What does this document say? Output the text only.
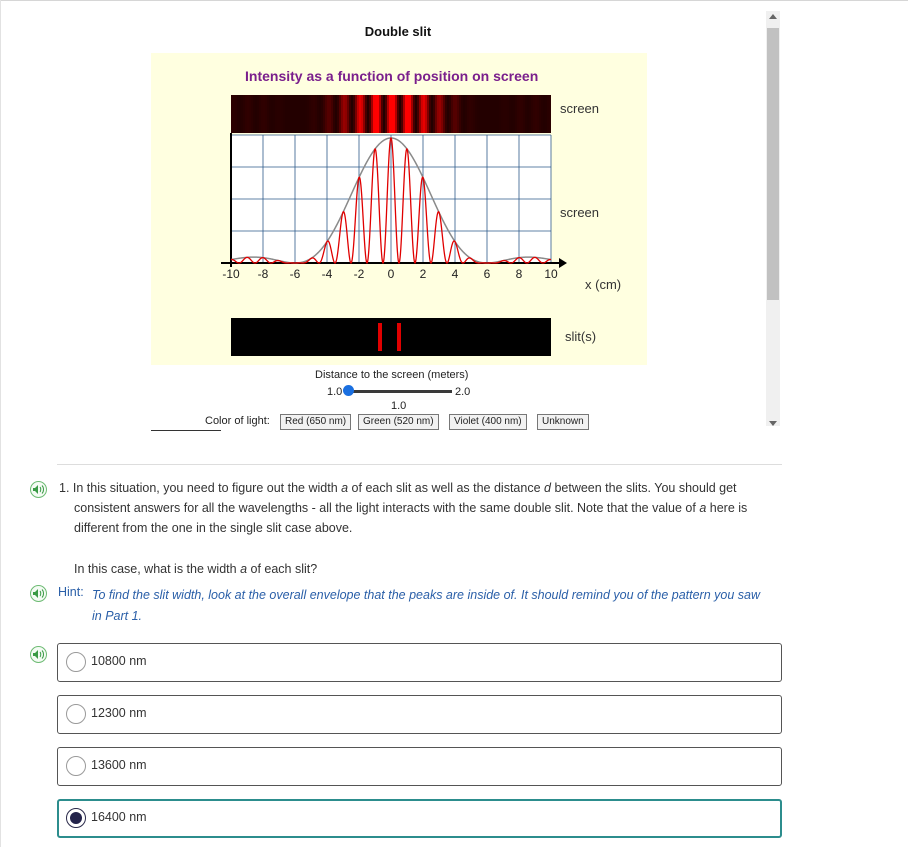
Double slit
Intensity as a function of position on screen
screen
screen
x (cm)
-10 -8 -6 -4 -2 0 2 4 6 8 10
slit(s)
Distance to the screen (meters)
1.0	2.0
1.0
Color of light:	Red (650 nm)	Green (520 nm)	Violet (400 nm)	Unknown
1. In this situation, you need to figure out the width a of each slit as well as the distance d between the slits. You should get
consistent answers for all the wavelengths - all the light interacts with the same double slit. Note that the value of a here is
different from the one in the single slit case above.
In this case, what is the width a of each slit?
Hint: To find the slit width, look at the overall envelope that the peaks are inside of. It should remind you of the pattern you saw
in Part 1.
10800 nm
12300 nm
13600 nm
16400 nm
